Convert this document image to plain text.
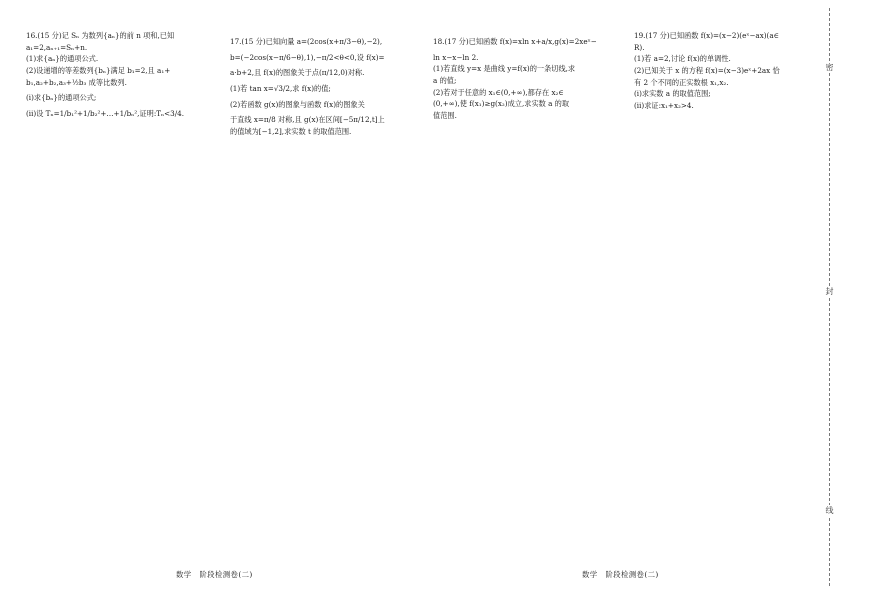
16.(15 分)记 Sₙ 为数列{aₙ}的前 n 项和,已知

a₁=2,aₙ₊₁=Sₙ+n.

(1)求{aₙ}的通项公式.

(2)设递增的等差数列{bₙ}满足 b₁=2,且 a₁+

b₁,a₂+b₂,a₃+½b₃ 成等比数列.

(ⅰ)求{bₙ}的通项公式;

(ⅱ)设 Tₙ=1/b₁²+1/b₂²+…+1/bₙ²,证明:Tₙ<3/4.

17.(15 分)已知向量 a=(2cos(x+π/3−θ),−2),

b=(−2cos(x−π/6−θ),1),−π/2<θ<0,设 f(x)=

a·b+2,且 f(x)的图象关于点(π/12,0)对称.

(1)若 tan x=√3/2,求 f(x)的值;

(2)若函数 g(x)的图象与函数 f(x)的图象关

于直线 x=π/8 对称,且 g(x)在区间[−5π/12,t]上

的值域为[−1,2],求实数 t 的取值范围.

18.(17 分)已知函数 f(x)=xln x+a/x,g(x)=2xeˣ−

ln x−x−ln 2.

(1)若直线 y=x 是曲线 y=f(x)的一条切线,求

a 的值;

(2)若对于任意的 x₁∈(0,+∞),都存在 x₂∈

(0,+∞),使 f(x₁)≥g(x₂)成立,求实数 a 的取

值范围.

19.(17 分)已知函数 f(x)=(x−2)(eˣ−ax)(a∈

R).

(1)若 a=2,讨论 f(x)的单调性.

(2)已知关于 x 的方程 f(x)=(x−3)eˣ+2ax 恰

有 2 个不同的正实数根 x₁,x₂.

(ⅰ)求实数 a 的取值范围;

(ⅱ)求证:x₁+x₂>4.

数学　阶段检测卷(二)	数学　阶段检测卷(二)
密
封
线
